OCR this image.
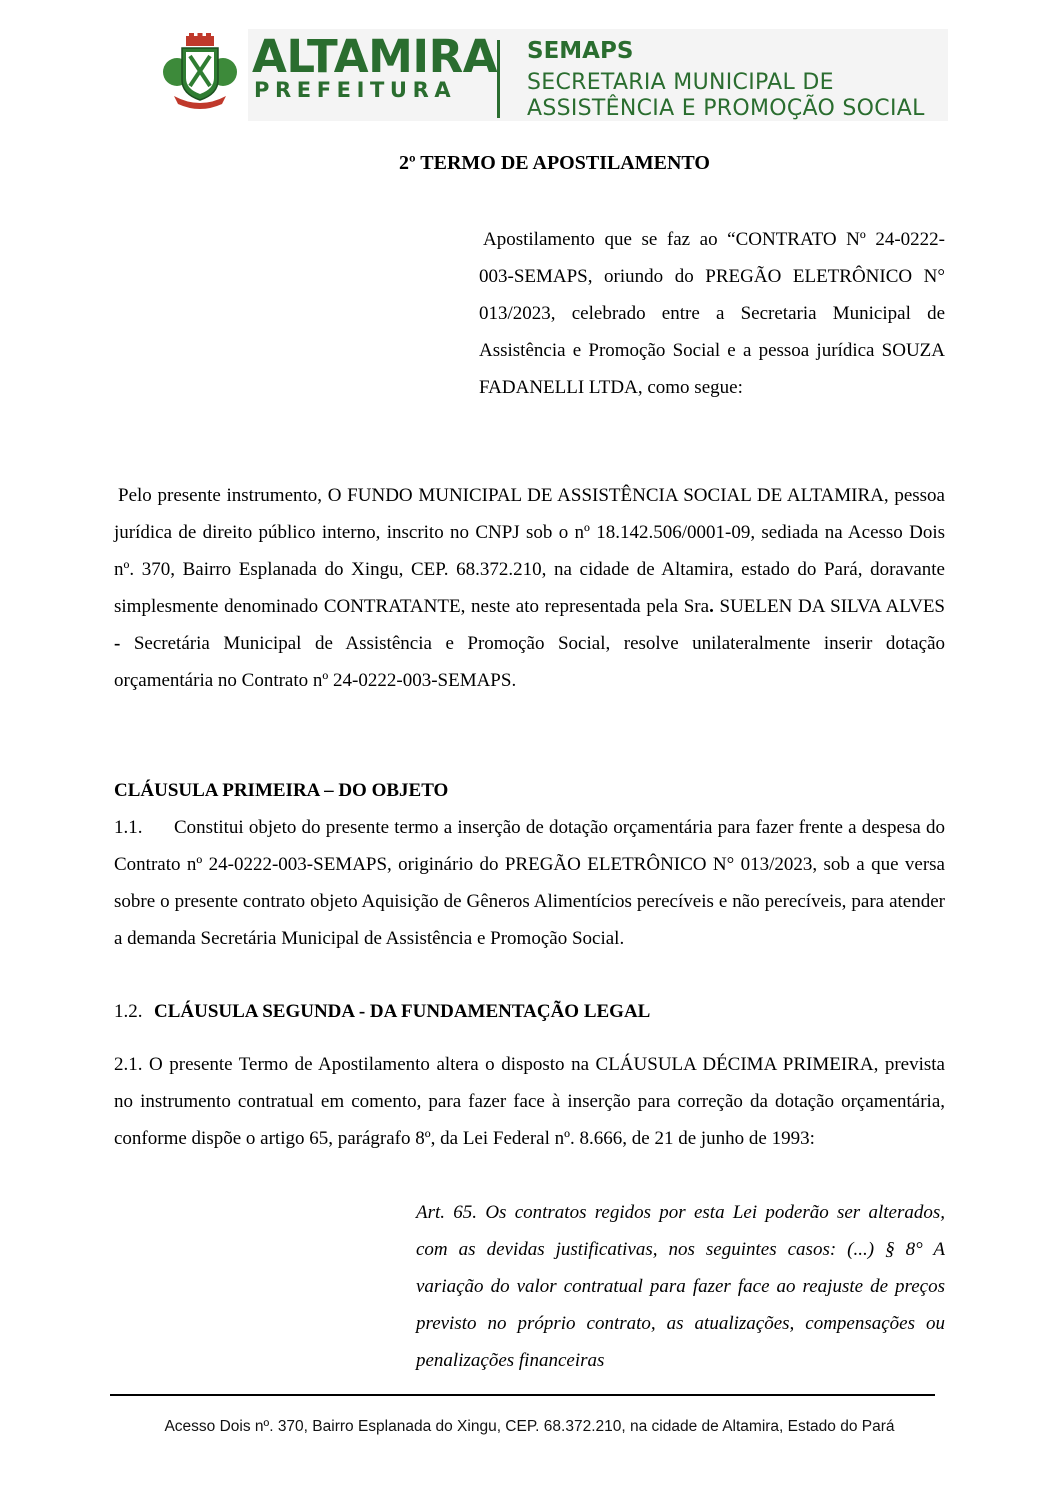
ALTAMIRA
PREFEITURA
SEMAPS
SECRETARIA MUNICIPAL DE
ASSISTÊNCIA E PROMOÇÃO SOCIAL
2º TERMO DE APOSTILAMENTO

Apostilamento que se faz ao “CONTRATO Nº 24-0222-003-SEMAPS, oriundo do PREGÃO ELETRÔNICO N° 013/2023, celebrado entre a Secretaria Municipal de Assistência e Promoção Social e a pessoa jurídica SOUZA FADANELLI LTDA, como segue:

Pelo presente instrumento, O FUNDO MUNICIPAL DE ASSISTÊNCIA SOCIAL DE ALTAMIRA, pessoa jurídica de direito público interno, inscrito no CNPJ sob o nº 18.142.506/0001-09, sediada na Acesso Dois nº. 370, Bairro Esplanada do Xingu, CEP. 68.372.210, na cidade de Altamira, estado do Pará, doravante simplesmente denominado CONTRATANTE, neste ato representada pela Sra. SUELEN DA SILVA ALVES - Secretária Municipal de Assistência e Promoção Social, resolve unilateralmente inserir dotação orçamentária no Contrato nº 24-0222-003-SEMAPS.

CLÁUSULA PRIMEIRA – DO OBJETO

1.1. Constitui objeto do presente termo a inserção de dotação orçamentária para fazer frente a despesa do Contrato nº 24-0222-003-SEMAPS, originário do PREGÃO ELETRÔNICO N° 013/2023, sob a que versa sobre o presente contrato objeto Aquisição de Gêneros Alimentícios perecíveis e não perecíveis, para atender a demanda Secretária Municipal de Assistência e Promoção Social.

1.2. CLÁUSULA SEGUNDA - DA FUNDAMENTAÇÃO LEGAL

2.1. O presente Termo de Apostilamento altera o disposto na CLÁUSULA DÉCIMA PRIMEIRA, prevista no instrumento contratual em comento, para fazer face à inserção para correção da dotação orçamentária, conforme dispõe o artigo 65, parágrafo 8º, da Lei Federal nº. 8.666, de 21 de junho de 1993:

Art. 65. Os contratos regidos por esta Lei poderão ser alterados, com as devidas justificativas, nos seguintes casos: (...) § 8° A variação do valor contratual para fazer face ao reajuste de preços previsto no próprio contrato, as atualizações, compensações ou penalizações financeiras

Acesso Dois nº. 370, Bairro Esplanada do Xingu, CEP. 68.372.210, na cidade de Altamira, Estado do Pará
